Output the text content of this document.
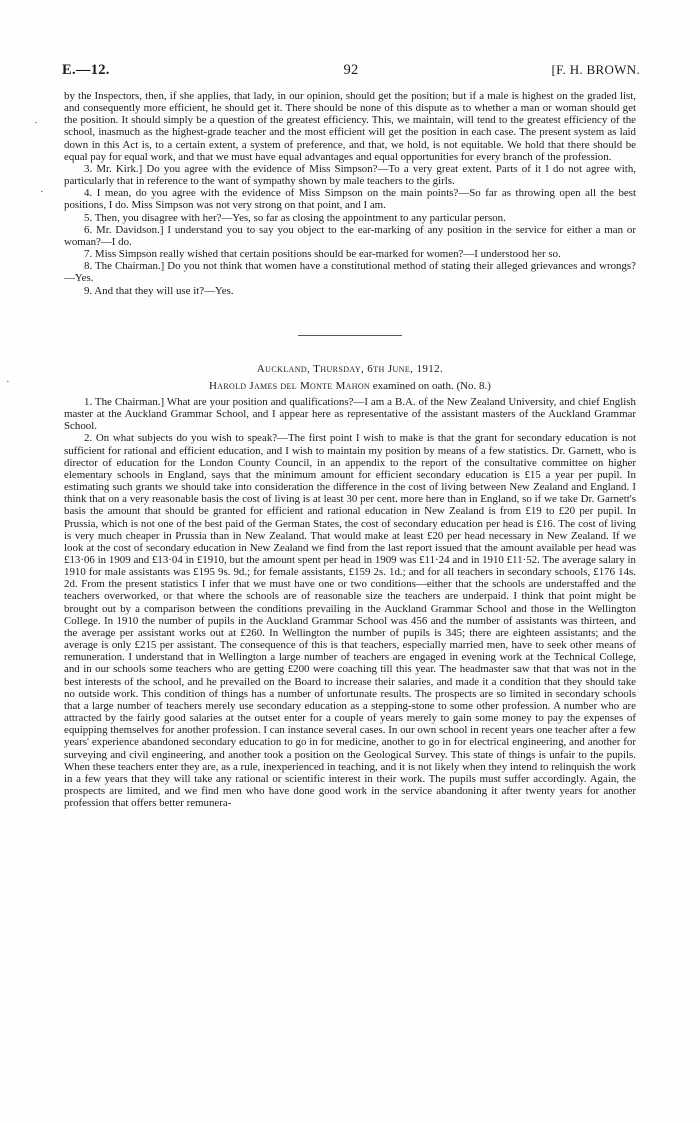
E.—12.	92	[F. H. BROWN.
ˏ
·
·

by the Inspectors, then, if she applies, that lady, in our opinion, should get the position; but if a male is highest on the graded list, and consequently more efficient, he should get it. There should be none of this dispute as to whether a man or woman should get the position. It should simply be a question of the greatest efficiency. This, we maintain, will tend to the greatest efficiency of the school, inasmuch as the highest-grade teacher and the most efficient will get the position in each case. The present system as laid down in this Act is, to a certain extent, a system of preference, and that, we hold, is not equitable. We hold that there should be equal pay for equal work, and that we must have equal advantages and equal opportunities for every branch of the profession.

3. Mr. Kirk.] Do you agree with the evidence of Miss Simpson?—To a very great extent. Parts of it I do not agree with, particularly that in reference to the want of sympathy shown by male teachers to the girls.

4. I mean, do you agree with the evidence of Miss Simpson on the main points?—So far as throwing open all the best positions, I do. Miss Simpson was not very strong on that point, and I am.

5. Then, you disagree with her?—Yes, so far as closing the appointment to any particular person.

6. Mr. Davidson.] I understand you to say you object to the ear-marking of any position in the service for either a man or woman?—I do.

7. Miss Simpson really wished that certain positions should be ear-marked for women?—I understood her so.

8. The Chairman.] Do you not think that women have a constitutional method of stating their alleged grievances and wrongs?—Yes.

9. And that they will use it?—Yes.

Auckland, Thursday, 6th June, 1912.
Harold James del Monte Mahon examined on oath. (No. 8.)

1. The Chairman.] What are your position and qualifications?—I am a B.A. of the New Zealand University, and chief English master at the Auckland Grammar School, and I appear here as representative of the assistant masters of the Auckland Grammar School.

2. On what subjects do you wish to speak?—The first point I wish to make is that the grant for secondary education is not sufficient for rational and efficient education, and I wish to maintain my position by means of a few statistics. Dr. Garnett, who is director of education for the London County Council, in an appendix to the report of the consultative committee on higher elementary schools in England, says that the minimum amount for efficient secondary education is £15 a year per pupil. In estimating such grants we should take into consideration the difference in the cost of living between New Zealand and England. I think that on a very reasonable basis the cost of living is at least 30 per cent. more here than in England, so if we take Dr. Garnett's basis the amount that should be granted for efficient and rational education in New Zealand is from £19 to £20 per pupil. In Prussia, which is not one of the best paid of the German States, the cost of secondary education per head is £16. The cost of living is very much cheaper in Prussia than in New Zealand. That would make at least £20 per head necessary in New Zealand. If we look at the cost of secondary education in New Zealand we find from the last report issued that the amount available per head was £13·06 in 1909 and £13·04 in £1910, but the amount spent per head in 1909 was £11·24 and in 1910 £11·52. The average salary in 1910 for male assistants was £195 9s. 9d.; for female assistants, £159 2s. 1d.; and for all teachers in secondary schools, £176 14s. 2d. From the present statistics I infer that we must have one or two conditions—either that the schools are understaffed and the teachers overworked, or that where the schools are of reasonable size the teachers are underpaid. I think that point might be brought out by a comparison between the conditions prevailing in the Auckland Grammar School and those in the Wellington College. In 1910 the number of pupils in the Auckland Grammar School was 456 and the number of assistants was thirteen, and the average per assistant works out at £260. In Wellington the number of pupils is 345; there are eighteen assistants; and the average is only £215 per assistant. The consequence of this is that teachers, especially married men, have to seek other means of remuneration. I understand that in Wellington a large number of teachers are engaged in evening work at the Technical College, and in our schools some teachers who are getting £200 were coaching till this year. The headmaster saw that that was not in the best interests of the school, and he prevailed on the Board to increase their salaries, and made it a condition that they should take no outside work. This condition of things has a number of unfortunate results. The prospects are so limited in secondary schools that a large number of teachers merely use secondary education as a stepping-stone to some other profession. A number who are attracted by the fairly good salaries at the outset enter for a couple of years merely to gain some money to pay the expenses of equipping themselves for another profession. I can instance several cases. In our own school in recent years one teacher after a few years' experience abandoned secondary education to go in for medicine, another to go in for electrical engineering, and another for surveying and civil engineering, and another took a position on the Geological Survey. This state of things is unfair to the pupils. When these teachers enter they are, as a rule, inexperienced in teaching, and it is not likely when they intend to relinquish the work in a few years that they will take any rational or scientific interest in their work. The pupils must suffer accordingly. Again, the prospects are limited, and we find men who have done good work in the service abandoning it after twenty years for another profession that offers better remunera-
